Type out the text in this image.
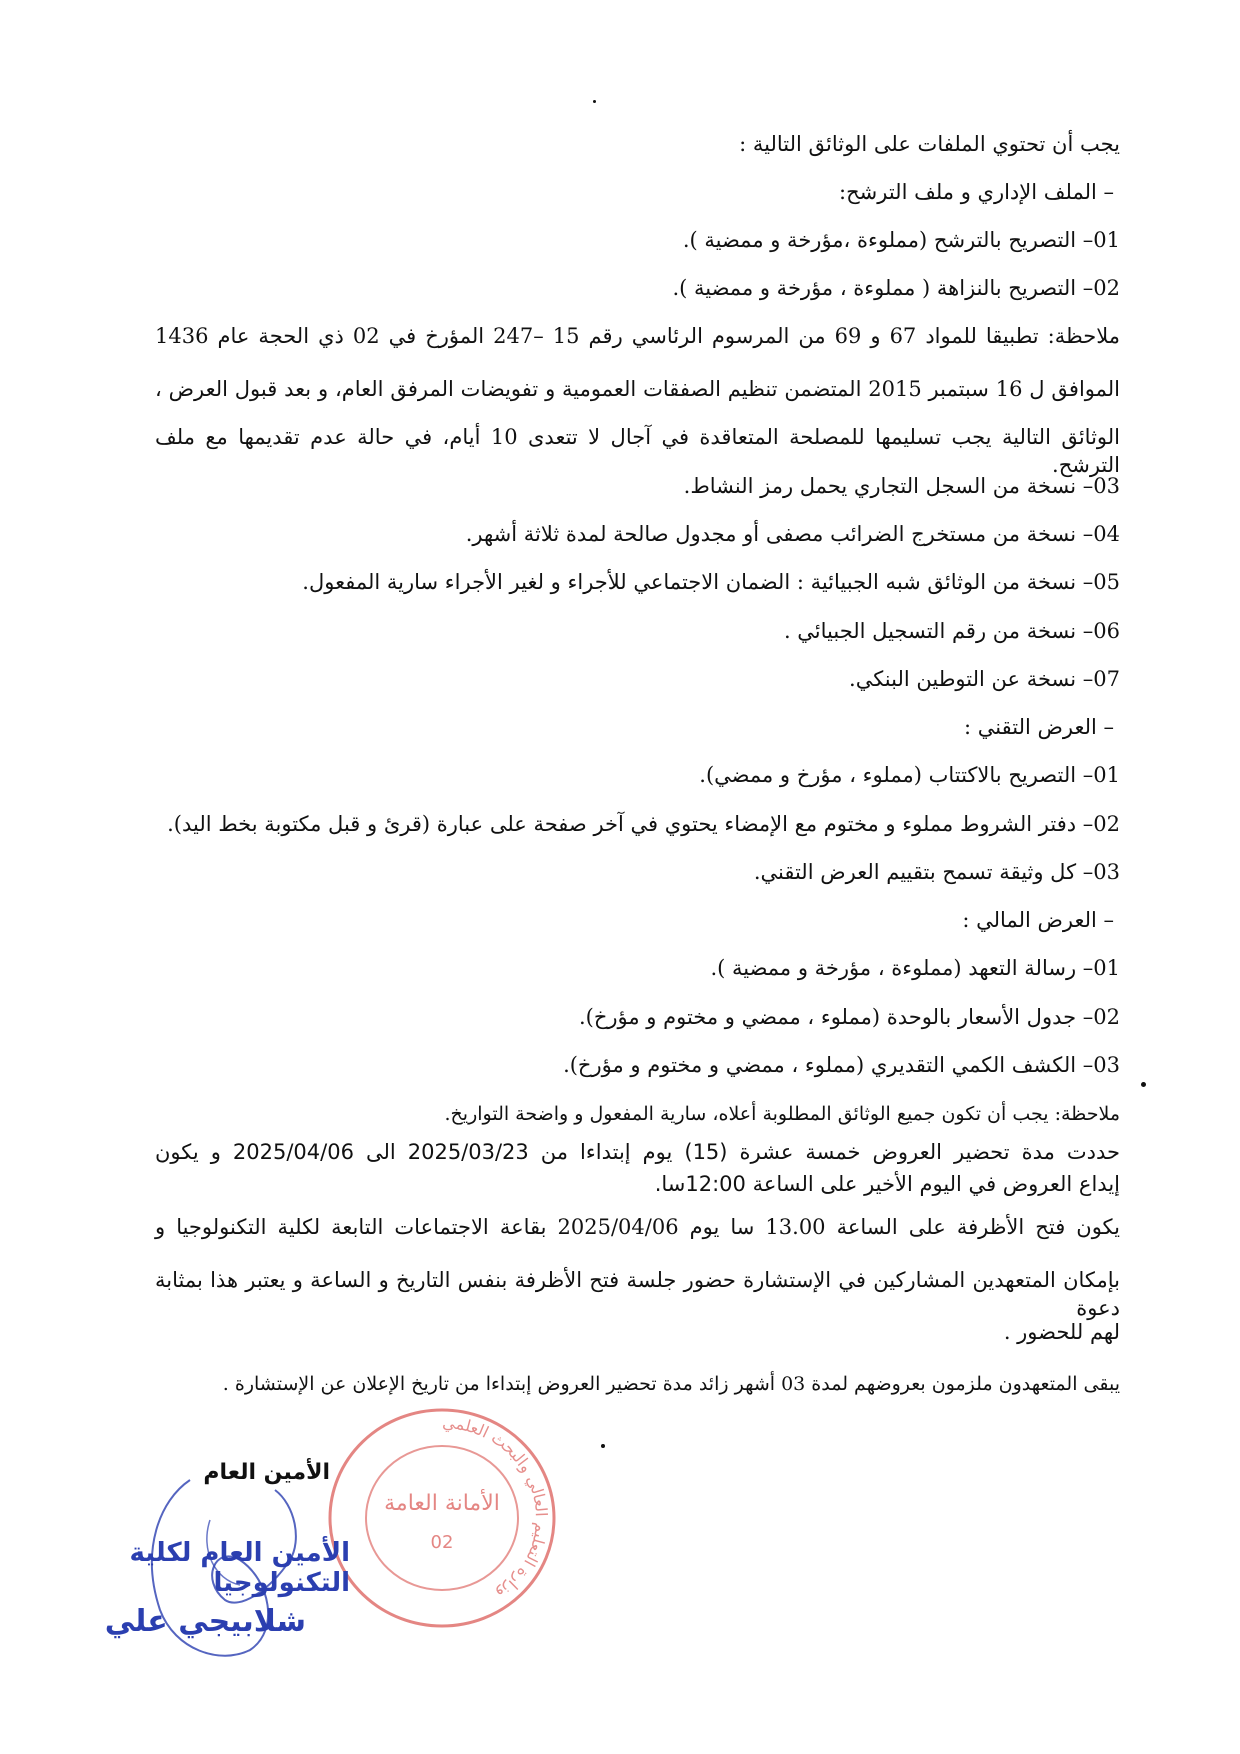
يجب أن تحتوي الملفات على الوثائق التالية :
– الملف الإداري و ملف الترشح:
01– التصريح بالترشح (مملوءة ،مؤرخة و ممضية ).
02– التصريح بالنزاهة ( مملوءة ، مؤرخة و ممضية ).
ملاحظة: تطبيقا للمواد 67 و 69 من المرسوم الرئاسي رقم 15 –247 المؤرخ في 02 ذي الحجة عام 1436
الموافق ل 16 سبتمبر 2015 المتضمن تنظيم الصفقات العمومية و تفويضات المرفق العام، و بعد قبول العرض ،
الوثائق التالية يجب تسليمها للمصلحة المتعاقدة في آجال لا تتعدى 10 أيام، في حالة عدم تقديمها مع ملف الترشح.
03– نسخة من السجل التجاري يحمل رمز النشاط.
04– نسخة من مستخرج الضرائب مصفى أو مجدول صالحة لمدة ثلاثة أشهر.
05– نسخة من الوثائق شبه الجبيائية : الضمان الاجتماعي للأجراء و لغير الأجراء سارية المفعول.
06– نسخة من رقم التسجيل الجبيائي .
07– نسخة عن التوطين البنكي.
– العرض التقني :
01– التصريح بالاكتتاب (مملوء ، مؤرخ و ممضي).
02– دفتر الشروط مملوء و مختوم مع الإمضاء يحتوي في آخر صفحة على عبارة (قرئ و قبل مكتوبة بخط اليد).
03– كل وثيقة تسمح بتقييم العرض التقني.
– العرض المالي :
01– رسالة التعهد (مملوءة ، مؤرخة و ممضية ).
02– جدول الأسعار بالوحدة (مملوء ، ممضي و مختوم و مؤرخ).
03– الكشف الكمي التقديري (مملوء ، ممضي و مختوم و مؤرخ).
ملاحظة: يجب أن تكون جميع الوثائق المطلوبة أعلاه، سارية المفعول و واضحة التواريخ.
حددت مدة تحضير العروض خمسة عشرة (15) يوم إبتداءا من 2025/03/23 الى 2025/04/06 و يكون
إيداع العروض في اليوم الأخير على الساعة 12:00سا.
يكون فتح الأظرفة على الساعة 13.00 سا يوم 2025/04/06 بقاعة الاجتماعات التابعة لكلية التكنولوجيا و
بإمكان المتعهدين المشاركين في الإستشارة حضور جلسة فتح الأظرفة بنفس التاريخ و الساعة و يعتبر هذا بمثابة دعوة
لهم للحضور .
يبقى المتعهدون ملزمون بعروضهم لمدة 03 أشهر زائد مدة تحضير العروض إبتداءا من تاريخ الإعلان عن الإستشارة .
وزارة التعليم العالي والبحث العلمي
الأمانة العامة
02
الأمين العام
الأمين العام لكلية التكنولوجيا
شلابيجي علي
